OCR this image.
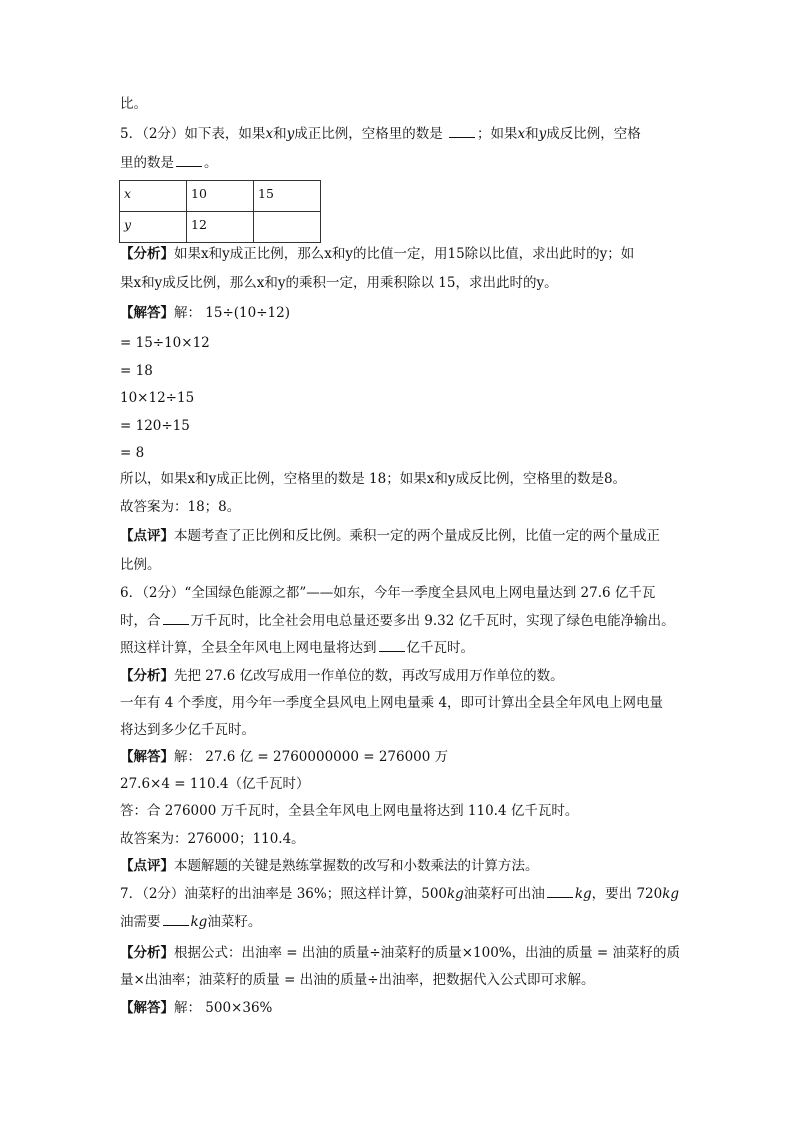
比。
5．（2分）如下表，如果x和y成正比例，空格里的数是	；如果x和y成反比例，空格
里的数是 。
x	10	15
y	12	
【分析】如果x和y成正比例，那么x和y的比值一定，用15除以比值，求出此时的y；如
果x和y成反比例，那么x和y的乘积一定，用乘积除以 15，求出此时的y。
【解答】解： 15÷(10÷12)
= 15÷10×12
= 18
10×12÷15
= 120÷15
= 8
所以，如果x和y成正比例，空格里的数是 18；如果x和y成反比例，空格里的数是8。
故答案为：18；8。
【点评】本题考查了正比例和反比例。乘积一定的两个量成反比例，比值一定的两个量成正
比例。
6．（2分）“全国绿色能源之都”——如东，今年一季度全县风电上网电量达到 27.6 亿千瓦
时，合 万千瓦时，比全社会用电总量还要多出 9.32 亿千瓦时，实现了绿色电能净输出。
照这样计算，全县全年风电上网电量将达到 亿千瓦时。
【分析】先把 27.6 亿改写成用一作单位的数，再改写成用万作单位的数。
一年有 4 个季度，用今年一季度全县风电上网电量乘 4，即可计算出全县全年风电上网电量
将达到多少亿千瓦时。
【解答】解： 27.6 亿 = 2760000000 = 276000 万
27.6×4 = 110.4（亿千瓦时）
答：合 276000 万千瓦时，全县全年风电上网电量将达到 110.4 亿千瓦时。
故答案为：276000；110.4。
【点评】本题解题的关键是熟练掌握数的改写和小数乘法的计算方法。
7．（2分）油菜籽的出油率是 36%；照这样计算，500kg油菜籽可出油 kg，要出 720kg
油需要 kg油菜籽。
【分析】根据公式：出油率 = 出油的质量÷油菜籽的质量×100%，出油的质量 = 油菜籽的质
量×出油率；油菜籽的质量 = 出油的质量÷出油率，把数据代入公式即可求解。
【解答】解： 500×36%
